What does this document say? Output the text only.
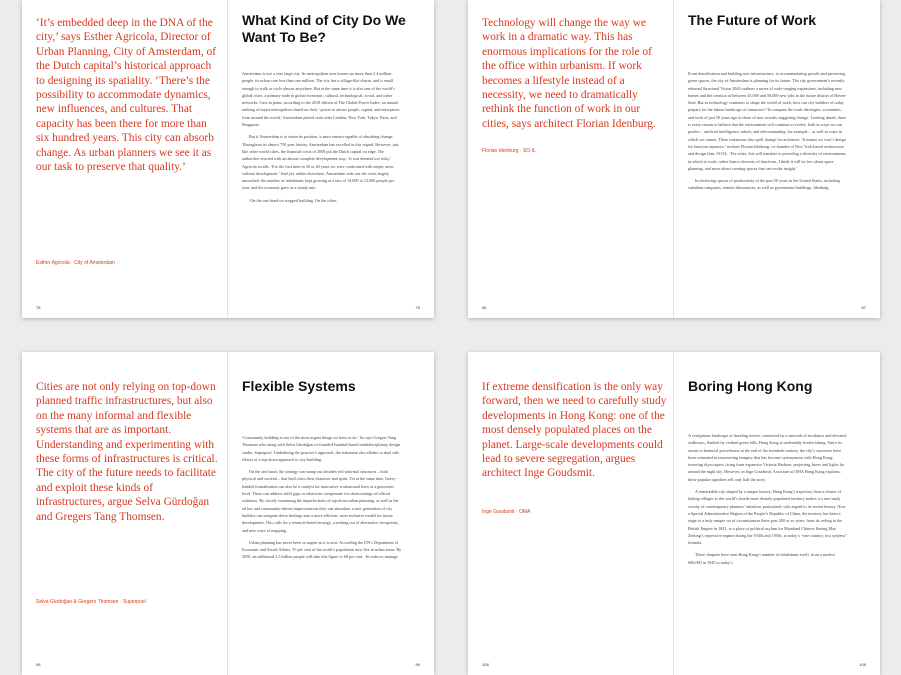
‘It’s embedded deep in the DNA of the city,’ says Esther Agricola, Director of Urban Planning, City of Amsterdam, of the Dutch capital’s historical approach to designing its spatiality. ‘There’s the possibility to accommodate dynamics, new influences, and cultures. That capacity has been there for more than six hundred years. This city can absorb change. As urban planners we see it as our task to preserve that quality.’

Esther Agricola · City of Amsterdam
78
What Kind of City Do We Want To Be?

Amsterdam is not a very large city. Its metropolitan area houses no more than 2.4 million people, its urban core less than one million. The city has a village-like charm, and is small enough to walk or cycle almost anywhere. But at the same time it is also one of the world’s global cities, a primary node in global economic, cultural, technological, social, and other networks. Case in point: according to the 2018 edition of The Global Power Index, an annual ranking of major metropolises based on their, ‘power to attract people, capital, and enterprises from around the world,’ Amsterdam placed sixth after London, New York, Tokyo, Paris, and Singapore.

But if Amsterdam is to retain its position, it must remain capable of absorbing change. Throughout its almost 750 year history, Amsterdam has excelled in this regard. However, just like other world cities, the financial crisis of 2008 put the Dutch capital on edge. The authorities reacted with an almost complete development stop. ‘It was deemed too risky,’ Agricola recalls. ‘For the first time in 30 or 40 years we were confronted with empty areas without development.’ And yet, unlike elsewhere, Amsterdam rode out the crisis largely unscathed: the number of inhabitants kept growing at a rate of 10,000 to 12,000 people per year, and the economy grew at a steady rate.

‘On the one hand we stopped building. On the other,

79

Technology will change the way we work in a dramatic way. This has enormous implications for the role of the office within urbanism. If work becomes a lifestyle instead of a necessity, we need to dramatically rethink the function of work in our cities, says architect Florian Idenburg.

Florian Idenburg · SO-IL
86
The Future of Work

From densification and building new infrastructure, to accommodating growth and preserving green spaces, the city of Amsterdam is planning for its future. The city government’s recently released Structural Vision 2040 outlines a series of wide-ranging expansions, including new homes and the creation of between 45,000 and 58,000 new jobs in the future district of Haven-Stad. But as technology continues to shape the world of work, how can city builders of today prepare for the labour landscape of tomorrow? To compare the work ideologies, economies, and tools of just 50 years ago to those of now reveals staggering change. Looking ahead, there is every reason to believe that the environment will continue to evolve, both in ways we can predict – artificial intelligence, robots, and telecommuting, for example – as well as ways in which we cannot. These unknowns also spell change for architects. ‘It means we won’t design for function anymore,’ reckons Florian Idenburg, co-founder of New York-based architecture and design firm, SO-IL. ‘For cities, this will translate to providing a diversity of environments in which to work, rather than a diversity of functions. I think it will be less about space planning, and more about creating spaces that can evoke insight.’

In reviewing spaces of productivity of the past 50 years in the United States, including suburban campuses, remote laboratories, as well as government buildings, Idenburg

87

Cities are not only relying on top-down planned traffic infrastructures, but also on the many informal and flexible systems that are as important. Understanding and experimenting with these forms of infrastructures is critical. The city of the future needs to facilitate and exploit these kinds of infrastructures, argue Selva Gürdoğan and Gregers Tang Thomsen.

Selva Gürdoğan & Gregers Thomsen · Superpool
98
Flexible Systems

‘Community building is one of the most urgent things we have to do.’ So says Gregers Tang Thomsen who along with Selva Gürdoğan co-founded Istanbul-based multidisciplinary design studio, Superpool. Underlining the practice’s approach, the statement also alludes to dual side effects of a top-down approach to city-building.

On the one hand, the strategy can stamp out decades-old informal structures – both physical and societal – that lend cities their character and spirit. Yet at the same time, heavy-handed formalisation can also be a catalyst for innovative workaround fixes at a grassroots level. These can address infill gaps or otherwise compensate for shortcomings of official solutions. By closely examining the imperfections of top-down urban planning, as well as the ad hoc and community-driven improvisations they can stimulate, a new generation of city builders can integrate these findings into a more efficient, more inclusive model for future development. This calls for a research-based strategy, a seeking out of alternative viewpoints, and new ways of mapping.

Urban planning has never been so urgent as it is now. According the UN’s Department of Economic and Social Affairs, 55 per cent of the world’s population now live in urban areas. By 2050, an additional 2.5 billion people will take this figure to 68 per cent. ‘In order to manage

99

If extreme densification is the only way forward, then we need to carefully study developments in Hong Kong: one of the most densely populated places on the planet. Large-scale developments could lead to severe segregation, argues architect Inge Goudsmit.

Inge Goudsmit · OMA
108
Boring Hong Kong

A vertiginous landscape of dazzling towers, connected by a network of escalators and elevated walkways, flanked by verdant green hills, Hong Kong is undeniably breath-taking. Since its ascent to financial powerhouse at the end of the twentieth century, the city’s successes have been cemented in unwavering imagery that has become synonymous with Hong Kong: towering skyscrapers, rising from expansive Victoria Harbour, projecting lasers and lights far around the night sky. However, as Inge Goudsmit, Associate at OMA Hong Kong explains, these popular signifiers tell only half the story.

A remarkable city shaped by a unique history, Hong Kong’s trajectory from a cluster of fishing villages to the world’s fourth-most densely populated territory makes it a rare study worthy of contemporary planners’ attention, particularly with regard to its recent history. Now a Special Administrative Region of the People’s Republic of China, the territory has been a stage to a truly unique set of circumstances these past 200 or so years: from its ceding to the British Empire in 1841, to a place of political asylum for Mainland Chinese fleeing Mao Zedong’s repressive regime during the 1940s and 1950s, to today’s “one country, two systems” formula.

These chapters have seen Hong Kong’s number of inhabitants swell, from a modest 600,000 in 1945 to today’s

109
